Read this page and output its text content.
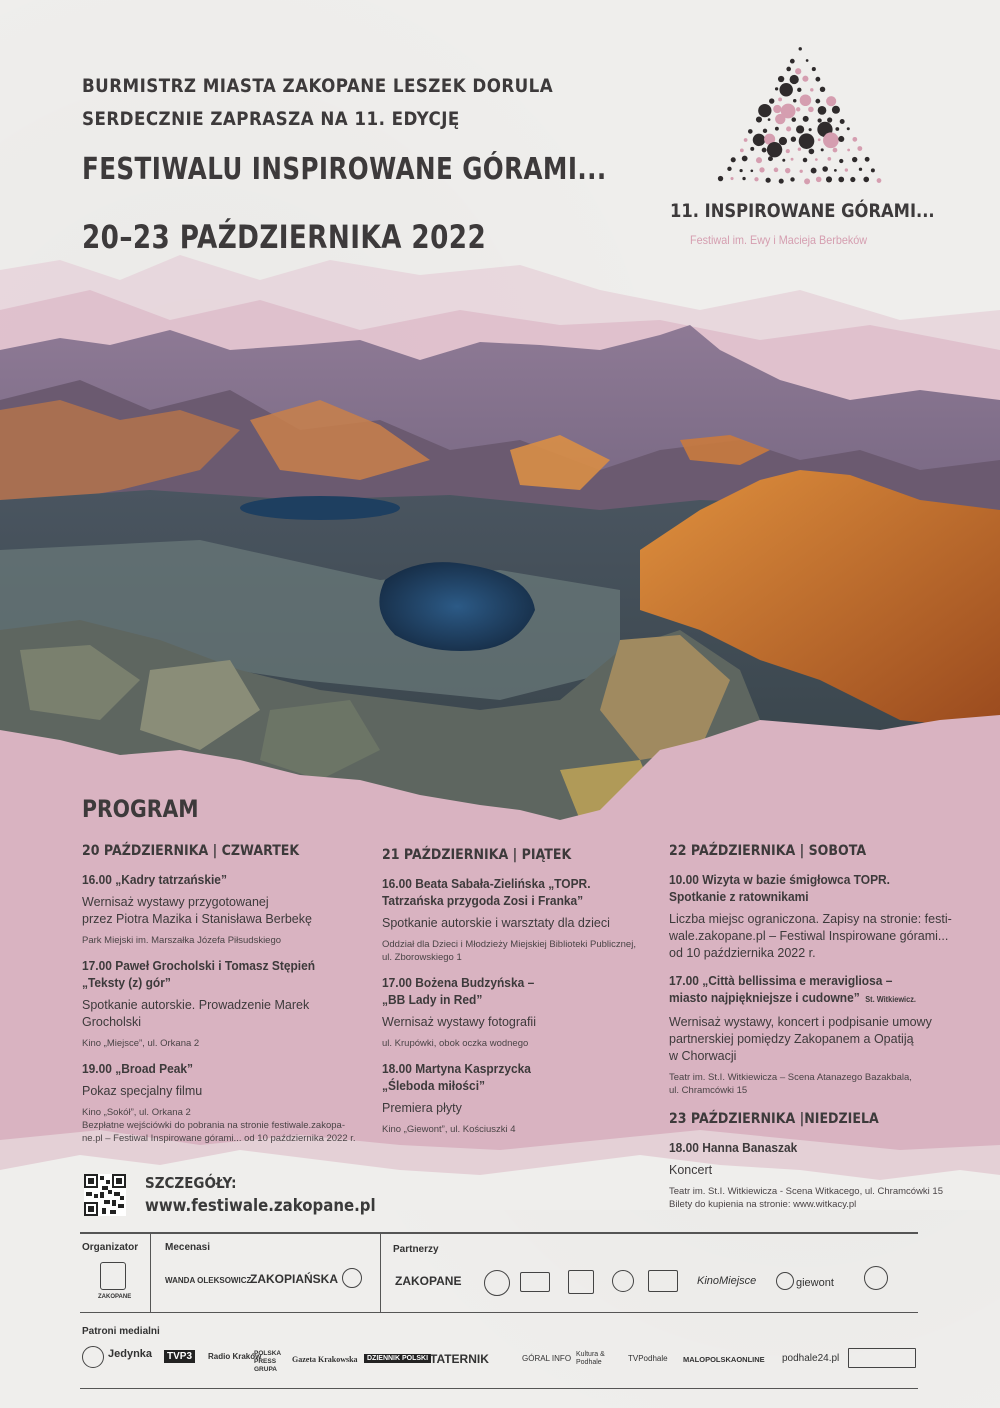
BURMISTRZ MIASTA ZAKOPANE LESZEK DORULA
SERDECZNIE ZAPRASZA NA 11. EDYCJĘ
FESTIWALU INSPIROWANE GÓRAMI...
20–23 PAŹDZIERNIKA 2022
11. INSPIROWANE GÓRAMI...
Festiwal im. Ewy i Macieja Berbeków
PROGRAM
20 PAŹDZIERNIKA | CZWARTEK
16.00 „Kadry tatrzańskie”
Wernisaż wystawy przygotowanej
przez Piotra Mazika i Stanisława Berbekę
Park Miejski im. Marszałka Józefa Piłsudskiego
17.00 Paweł Grocholski i Tomasz Stępień
„Teksty (z) gór”
Spotkanie autorskie. Prowadzenie Marek Grocholski
Kino „Miejsce”, ul. Orkana 2
19.00 „Broad Peak”
Pokaz specjalny filmu
Kino „Sokół”, ul. Orkana 2
Bezpłatne wejściówki do pobrania na stronie festiwale.zakopa-
ne.pl – Festiwal Inspirowane górami... od 10 października 2022 r.
21 PAŹDZIERNIKA | PIĄTEK
16.00 Beata Sabała-Zielińska „TOPR.
Tatrzańska przygoda Zosi i Franka”
Spotkanie autorskie i warsztaty dla dzieci
Oddział dla Dzieci i Młodzieży Miejskiej Biblioteki Publicznej,
ul. Zborowskiego 1
17.00 Bożena Budzyńska –
„BB Lady in Red”
Wernisaż wystawy fotografii
ul. Krupówki, obok oczka wodnego
18.00 Martyna Kasprzycka
„Śleboda miłości”
Premiera płyty
Kino „Giewont”, ul. Kościuszki 4
22 PAŹDZIERNIKA | SOBOTA
10.00 Wizyta w bazie śmigłowca TOPR.
Spotkanie z ratownikami
Liczba miejsc ograniczona. Zapisy na stronie: festi-
wale.zakopane.pl – Festiwal Inspirowane górami...
od 10 października 2022 r.
17.00 „Città bellissima e meravigliosa –
miasto najpiękniejsze i cudowne” St. Witkiewicz.
Wernisaż wystawy, koncert i podpisanie umowy
partnerskiej pomiędzy Zakopanem a Opatiją
w Chorwacji
Teatr im. St.I. Witkiewicza – Scena Atanazego Bazakbala,
ul. Chramcówki 15
23 PAŹDZIERNIKA |NIEDZIELA
18.00 Hanna Banaszak
Koncert
Teatr im. St.I. Witkiewicza - Scena Witkacego, ul. Chramcówki 15
Bilety do kupienia na stronie: www.witkacy.pl
SZCZEGÓŁY:
www.festiwale.zakopane.pl
Organizator
ZAKOPANE
Mecenasi
WANDA OLEKSOWICZ
ZAKOPIAŃSKA
Partnerzy
ZAKOPANE	KinoMiejsce	giewont
Patroni medialni
Jedynka	TVP3	Radio Kraków
POLSKA PRESS GRUPA
Gazeta Krakowska	DZIENNIK POLSKI TATERNIK	GÓRAL INFO Kultura & Podhale	TVPodhale MALOPOLSKAONLINE podhale24.pl
